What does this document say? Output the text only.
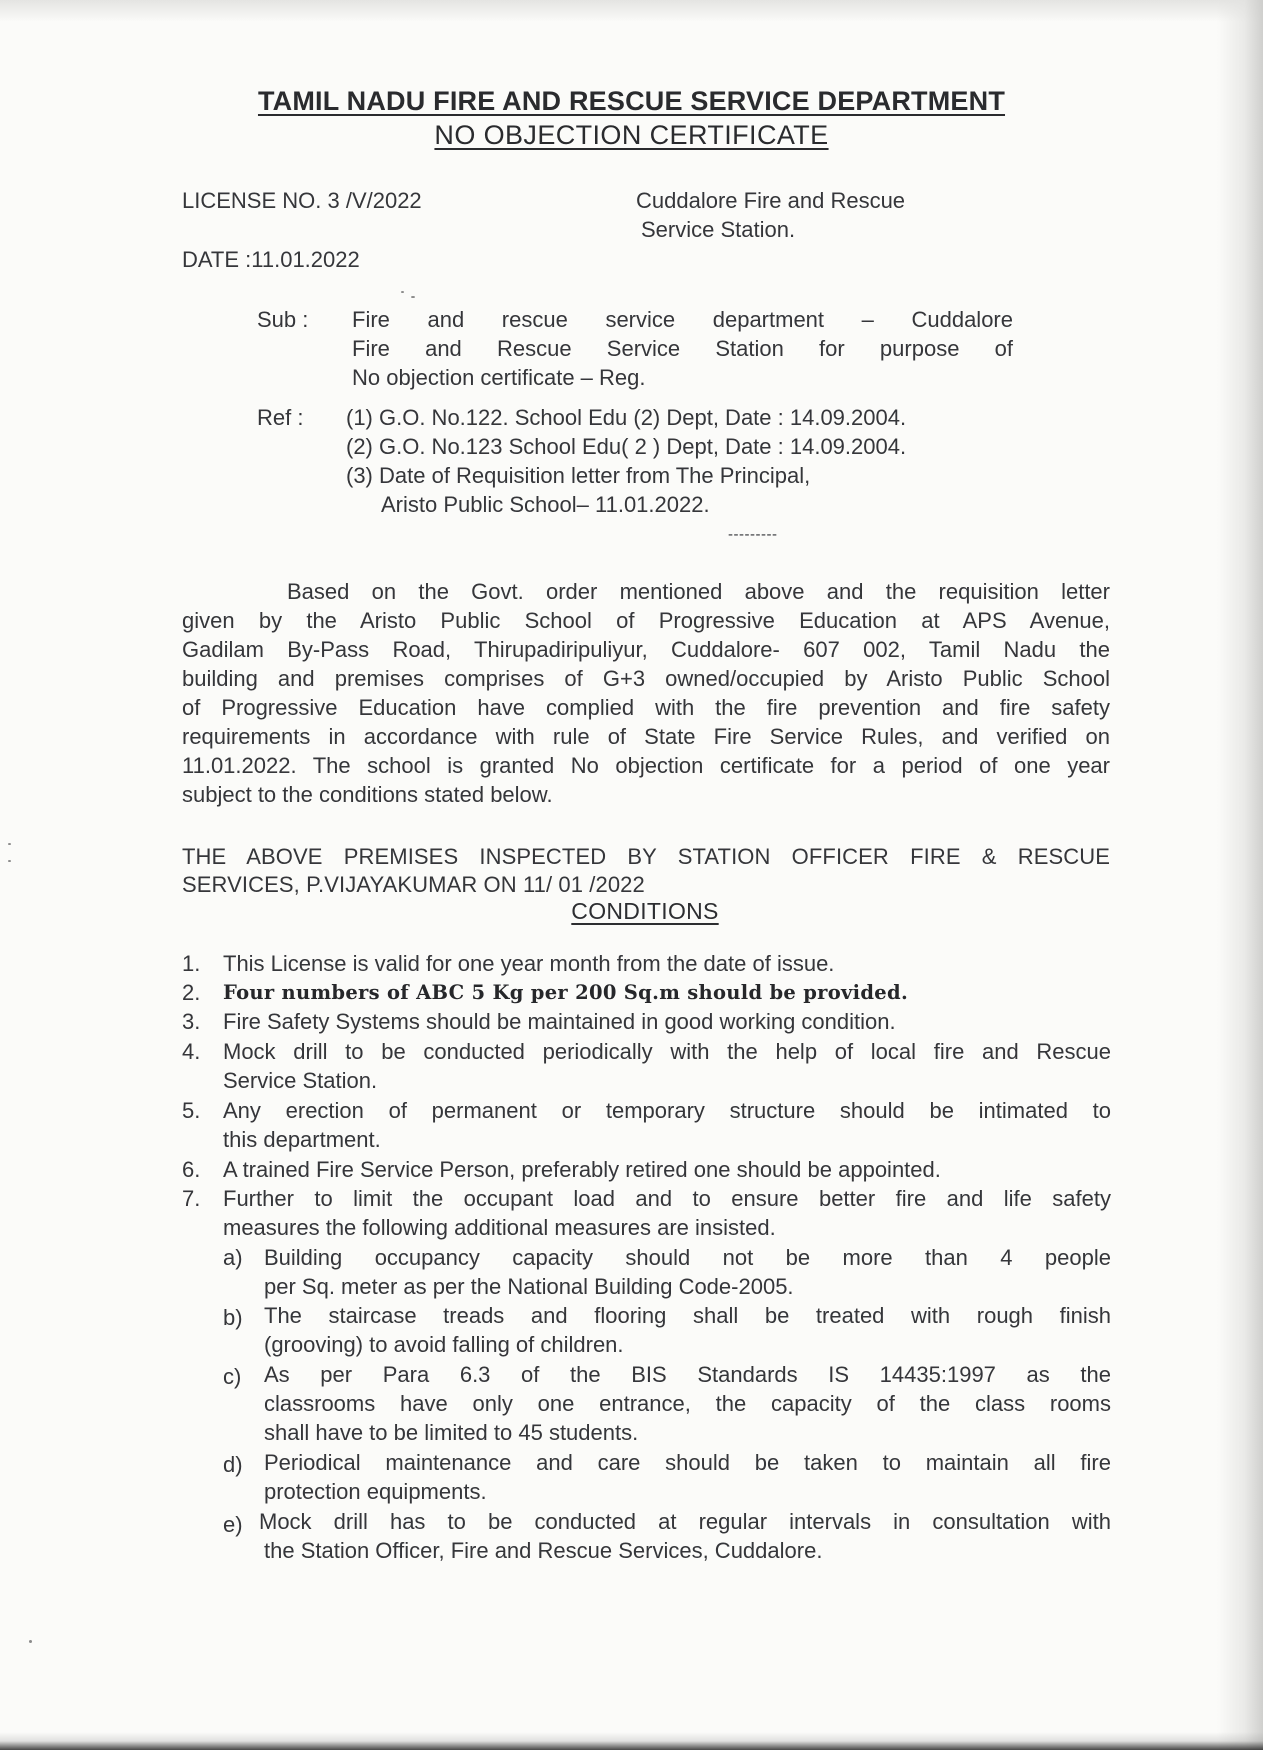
TAMIL NADU FIRE AND RESCUE SERVICE DEPARTMENT
NO OBJECTION CERTIFICATE
LICENSE NO. 3 /V/2022	Cuddalore Fire and Rescue
Service Station.
DATE :11.01.2022
Sub : Fire and rescue service department – Cuddalore
Fire and Rescue Service Station for purpose of
No objection certificate – Reg.
Ref : (1) G.O. No.122. School Edu (2) Dept, Date : 14.09.2004.
(2) G.O. No.123 School Edu( 2 ) Dept, Date : 14.09.2004.
(3) Date of Requisition letter from The Principal,
Aristo Public School– 11.01.2022.
---------
Based on the Govt. order mentioned above and the requisition letter
given by the Aristo Public School of Progressive Education at APS Avenue,
Gadilam By-Pass Road, Thirupadiripuliyur, Cuddalore- 607 002, Tamil Nadu the
building and premises comprises of G+3 owned/occupied by Aristo Public School
of Progressive Education have complied with the fire prevention and fire safety
requirements in accordance with rule of State Fire Service Rules, and verified on
11.01.2022. The school is granted No objection certificate for a period of one year
subject to the conditions stated below.
THE ABOVE PREMISES INSPECTED BY STATION OFFICER FIRE & RESCUE
SERVICES, P.VIJAYAKUMAR ON 11/ 01 /2022
CONDITIONS
1. This License is valid for one year month from the date of issue.
2. Four numbers of ABC 5 Kg per 200 Sq.m should be provided.
3. Fire Safety Systems should be maintained in good working condition.
4. Mock drill to be conducted periodically with the help of local fire and Rescue
Service Station.
5. Any erection of permanent or temporary structure should be intimated to
this department.
6. A trained Fire Service Person, preferably retired one should be appointed.
7. Further to limit the occupant load and to ensure better fire and life safety
measures the following additional measures are insisted.
a) Building occupancy capacity should not be more than 4 people
per Sq. meter as per the National Building Code-2005.
b) The staircase treads and flooring shall be treated with rough finish
(grooving) to avoid falling of children.
c) As per Para 6.3 of the BIS Standards IS 14435:1997 as the
classrooms have only one entrance, the capacity of the class rooms
shall have to be limited to 45 students.
d) Periodical maintenance and care should be taken to maintain all fire
protection equipments.
e) Mock drill has to be conducted at regular intervals in consultation with
the Station Officer, Fire and Rescue Services, Cuddalore.
